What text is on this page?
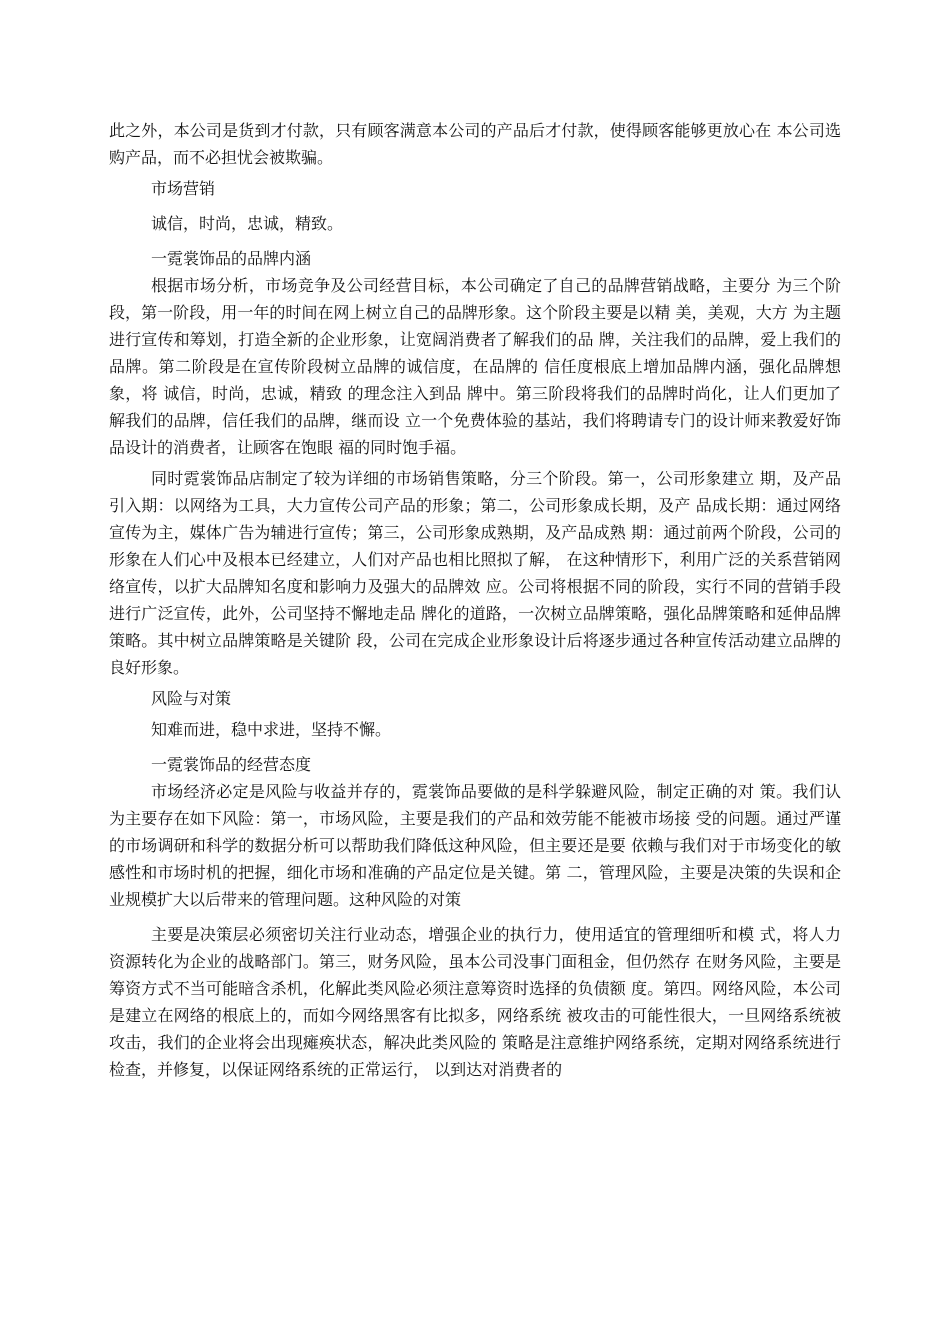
此之外，本公司是货到才付款，只有顾客满意本公司的产品后才付款，使得顾客能够更放心在 本公司选购产品，而不必担忧会被欺骗。

市场营销

诚信，时尚，忠诚，精致。

一霓裳饰品的品牌内涵

根据市场分析，市场竞争及公司经营目标，本公司确定了自己的品牌营销战略，主要分 为三个阶段，第一阶段，用一年的时间在网上树立自己的品牌形象。这个阶段主要是以精 美，美观，大方 为主题进行宣传和筹划，打造全新的企业形象，让宽阔消费者了解我们的品 牌，关注我们的品牌，爱上我们的品牌。第二阶段是在宣传阶段树立品牌的诚信度，在品牌的 信任度根底上增加品牌内涵，强化品牌想象，将 诚信，时尚，忠诚，精致 的理念注入到品 牌中。第三阶段将我们的品牌时尚化，让人们更加了解我们的品牌，信任我们的品牌，继而设 立一个免费体验的基站，我们将聘请专门的设计师来教爱好饰品设计的消费者，让顾客在饱眼 福的同时饱手福。

同时霓裳饰品店制定了较为详细的市场销售策略，分三个阶段。第一，公司形象建立 期，及产品引入期：以网络为工具，大力宣传公司产品的形象；第二，公司形象成长期，及产 品成长期：通过网络宣传为主，媒体广告为辅进行宣传；第三，公司形象成熟期，及产品成熟 期：通过前两个阶段，公司的形象在人们心中及根本已经建立，人们对产品也相比照拟了解， 在这种情形下，利用广泛的关系营销网络宣传，以扩大品牌知名度和影响力及强大的品牌效 应。公司将根据不同的阶段，实行不同的营销手段进行广泛宣传，此外，公司坚持不懈地走品 牌化的道路，一次树立品牌策略，强化品牌策略和延伸品牌策略。其中树立品牌策略是关键阶 段，公司在完成企业形象设计后将逐步通过各种宣传活动建立品牌的良好形象。

风险与对策

知难而进，稳中求进，坚持不懈。

一霓裳饰品的经营态度

市场经济必定是风险与收益并存的，霓裳饰品要做的是科学躲避风险，制定正确的对 策。我们认为主要存在如下风险：第一，市场风险，主要是我们的产品和效劳能不能被市场接 受的问题。通过严谨的市场调研和科学的数据分析可以帮助我们降低这种风险，但主要还是要 依赖与我们对于市场变化的敏感性和市场时机的把握，细化市场和准确的产品定位是关键。第 二，管理风险，主要是决策的失误和企业规模扩大以后带来的管理问题。这种风险的对策

主要是决策层必须密切关注行业动态，增强企业的执行力，使用适宜的管理细听和模 式，将人力资源转化为企业的战略部门。第三，财务风险，虽本公司没事门面租金，但仍然存 在财务风险，主要是筹资方式不当可能暗含杀机，化解此类风险必须注意筹资时选择的负债额 度。第四。网络风险，本公司是建立在网络的根底上的，而如今网络黑客有比拟多，网络系统 被攻击的可能性很大，一旦网络系统被攻击，我们的企业将会出现瘫痪状态，解决此类风险的 策略是注意维护网络系统，定期对网络系统进行检查，并修复，以保证网络系统的正常运行， 以到达对消费者的
